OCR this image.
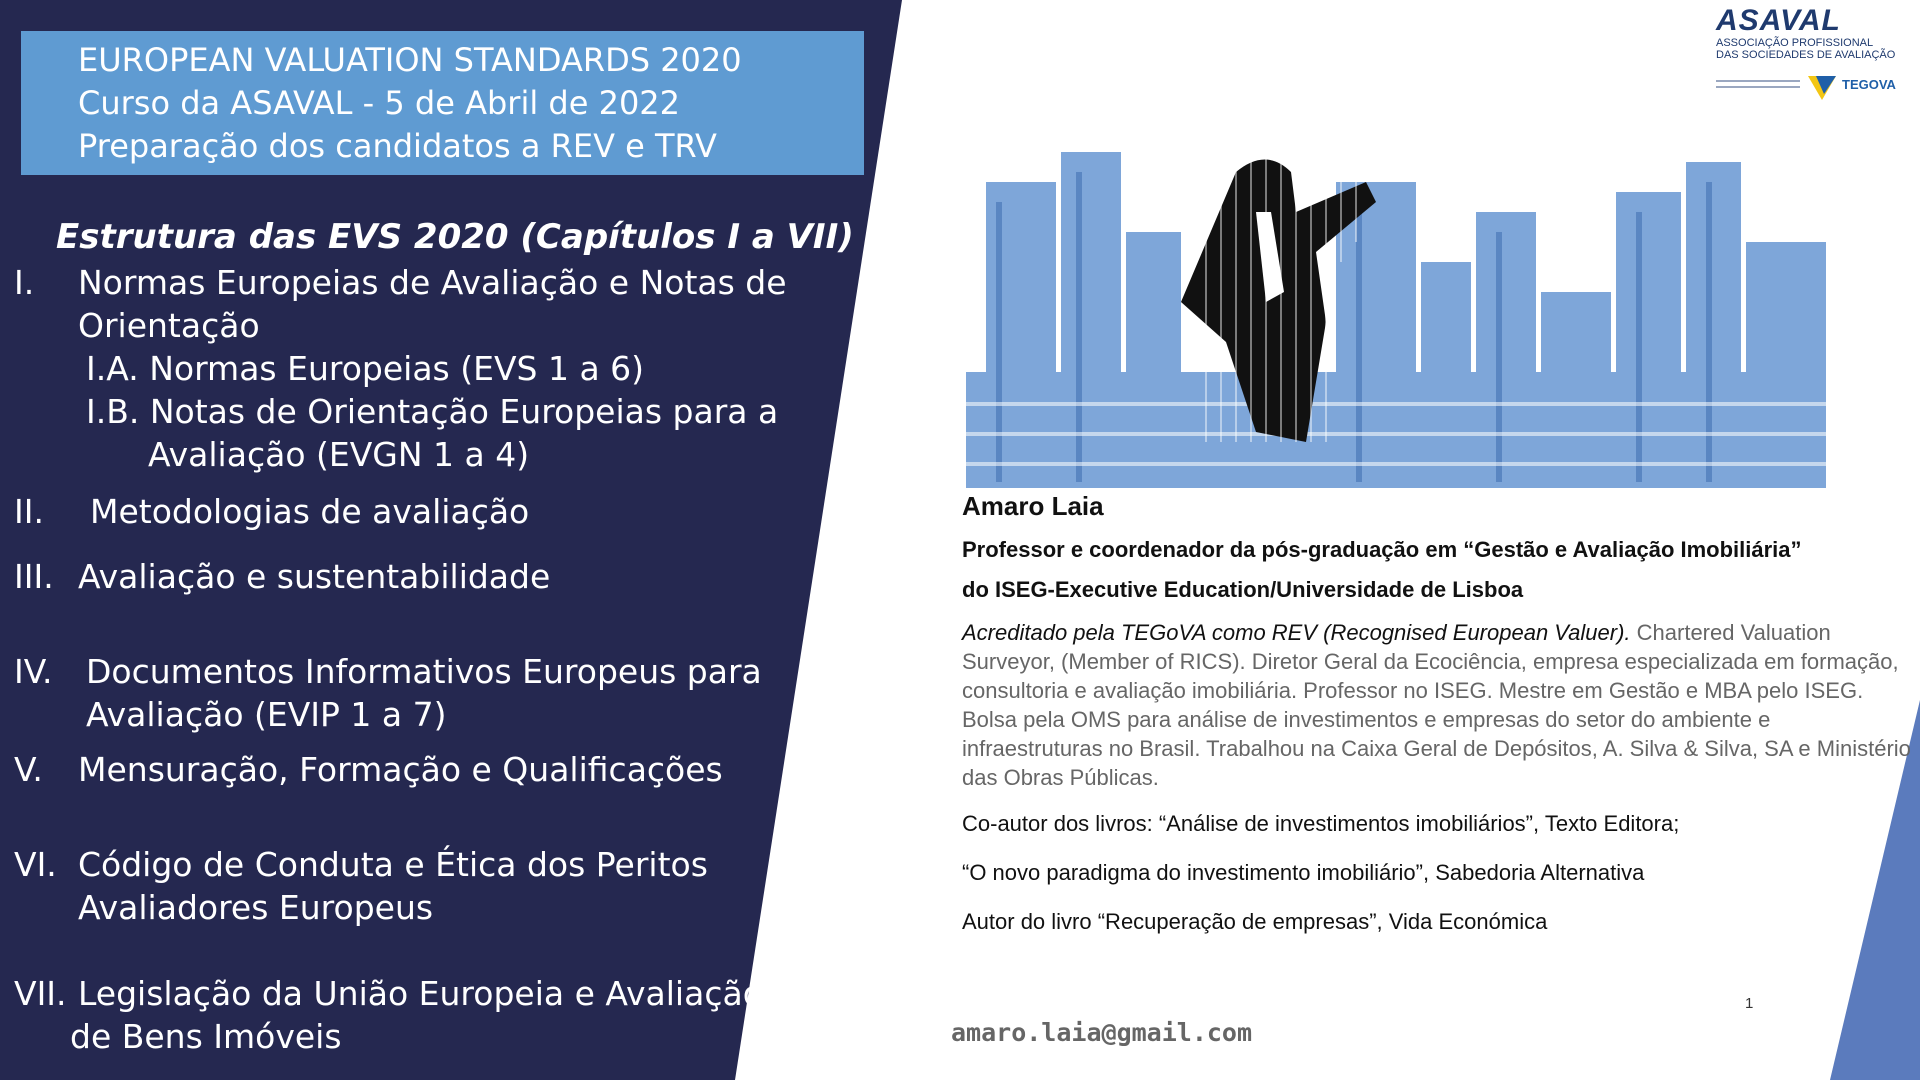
EUROPEAN VALUATION STANDARDS 2020
Curso da ASAVAL - 5 de Abril de 2022
Preparação dos candidatos a REV e TRV
Estrutura das EVS 2020 (Capítulos I a VII)
I. Normas Europeias de Avaliação e Notas de
Orientação
I.A. Normas Europeias (EVS 1 a 6)
I.B. Notas de Orientação Europeias para a
Avaliação (EVGN 1 a 4)
II. Metodologias de avaliação
III. Avaliação e sustentabilidade
IV. Documentos Informativos Europeus para
Avaliação (EVIP 1 a 7)
V. Mensuração, Formação e Qualificações
VI. Código de Conduta e Ética dos Peritos
Avaliadores Europeus
VII. Legislação da União Europeia e Avaliação
de Bens Imóveis
ASAVAL
ASSOCIAÇÃO PROFISSIONAL
DAS SOCIEDADES DE AVALIAÇÃO
TEGOVA
Amaro Laia
Professor e coordenador da pós-graduação em “Gestão e Avaliação Imobiliária”
do ISEG-Executive Education/Universidade de Lisboa
Acreditado pela TEGoVA como REV (Recognised European Valuer). Chartered Valuation Surveyor, (Member of RICS). Diretor Geral da Ecociência, empresa especializada em formação, consultoria e avaliação imobiliária. Professor no ISEG. Mestre em Gestão e MBA pelo ISEG. Bolsa pela OMS para análise de investimentos e empresas do setor do ambiente e infraestruturas no Brasil. Trabalhou na Caixa Geral de Depósitos, A. Silva & Silva, SA e Ministério das Obras Públicas.
Co-autor dos livros: “Análise de investimentos imobiliários”, Texto Editora;
“O novo paradigma do investimento imobiliário”, Sabedoria Alternativa
Autor do livro “Recuperação de empresas”, Vida Económica
1
amaro.laia@gmail.com
